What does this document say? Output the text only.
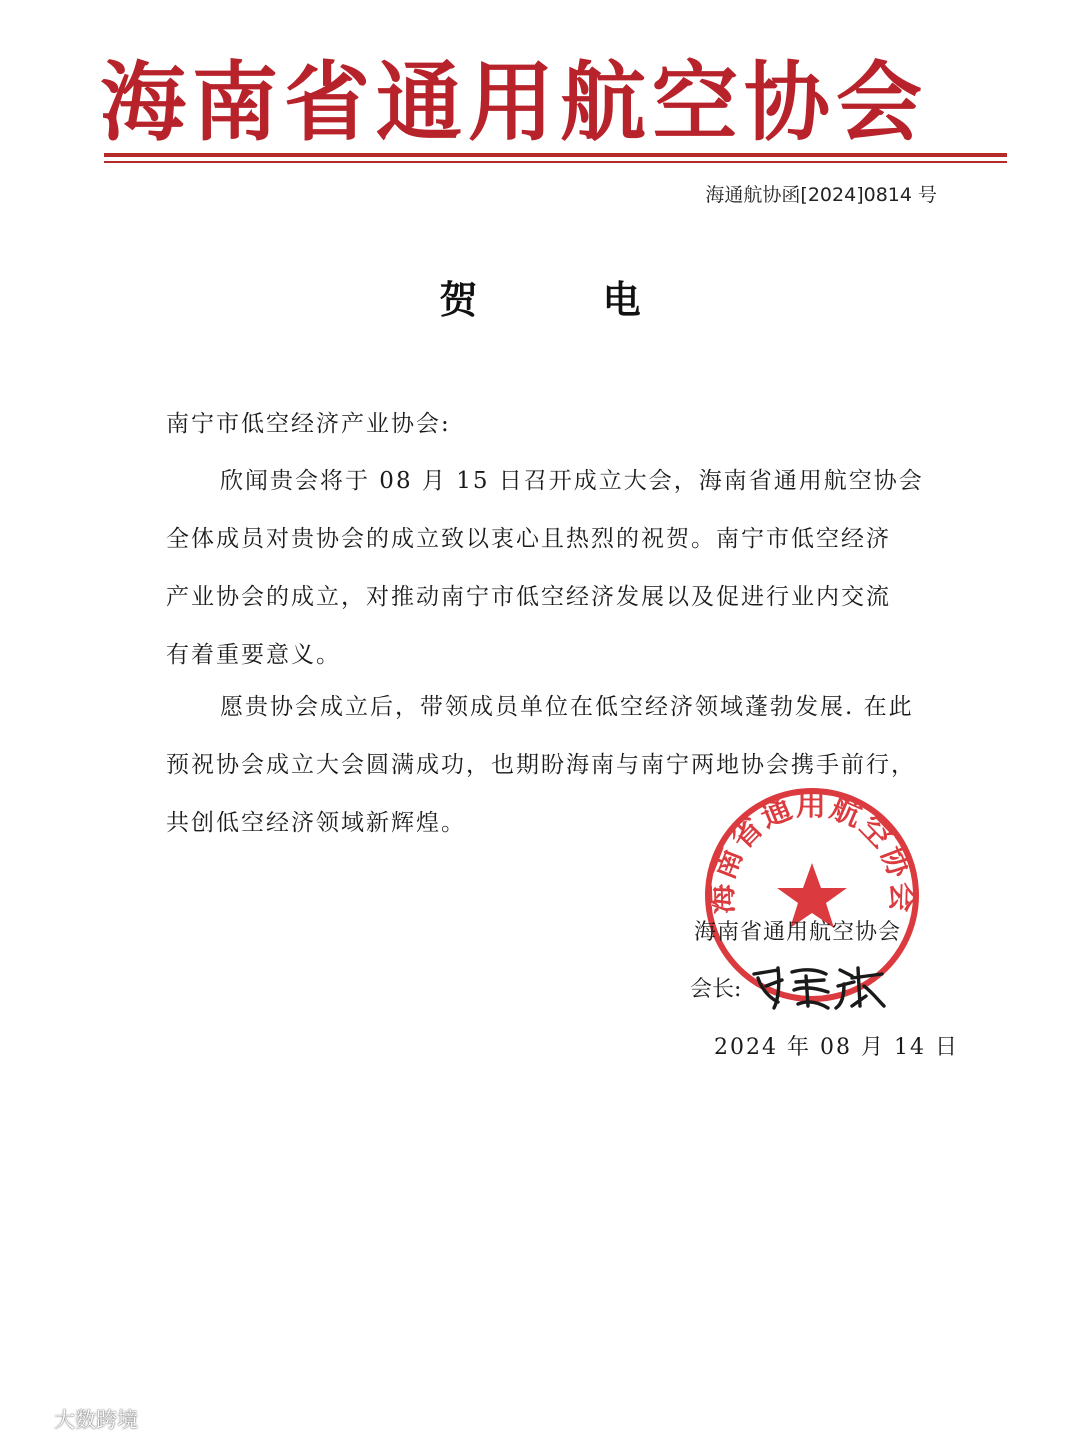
海南省通用航空协会
海通航协函[2024]0814 号
贺 电
南宁市低空经济产业协会:
欣闻贵会将于 08 月 15 日召开成立大会，海南省通用航空协会
全体成员对贵协会的成立致以衷心且热烈的祝贺。南宁市低空经济
产业协会的成立，对推动南宁市低空经济发展以及促进行业内交流
有着重要意义。
愿贵协会成立后，带领成员单位在低空经济领域蓬勃发展. 在此
预祝协会成立大会圆满成功，也期盼海南与南宁两地协会携手前行，
共创低空经济领域新辉煌。
海南省通用航空协会
海南省通用航空协会
会长:
2024 年 08 月 14 日
大数跨境
